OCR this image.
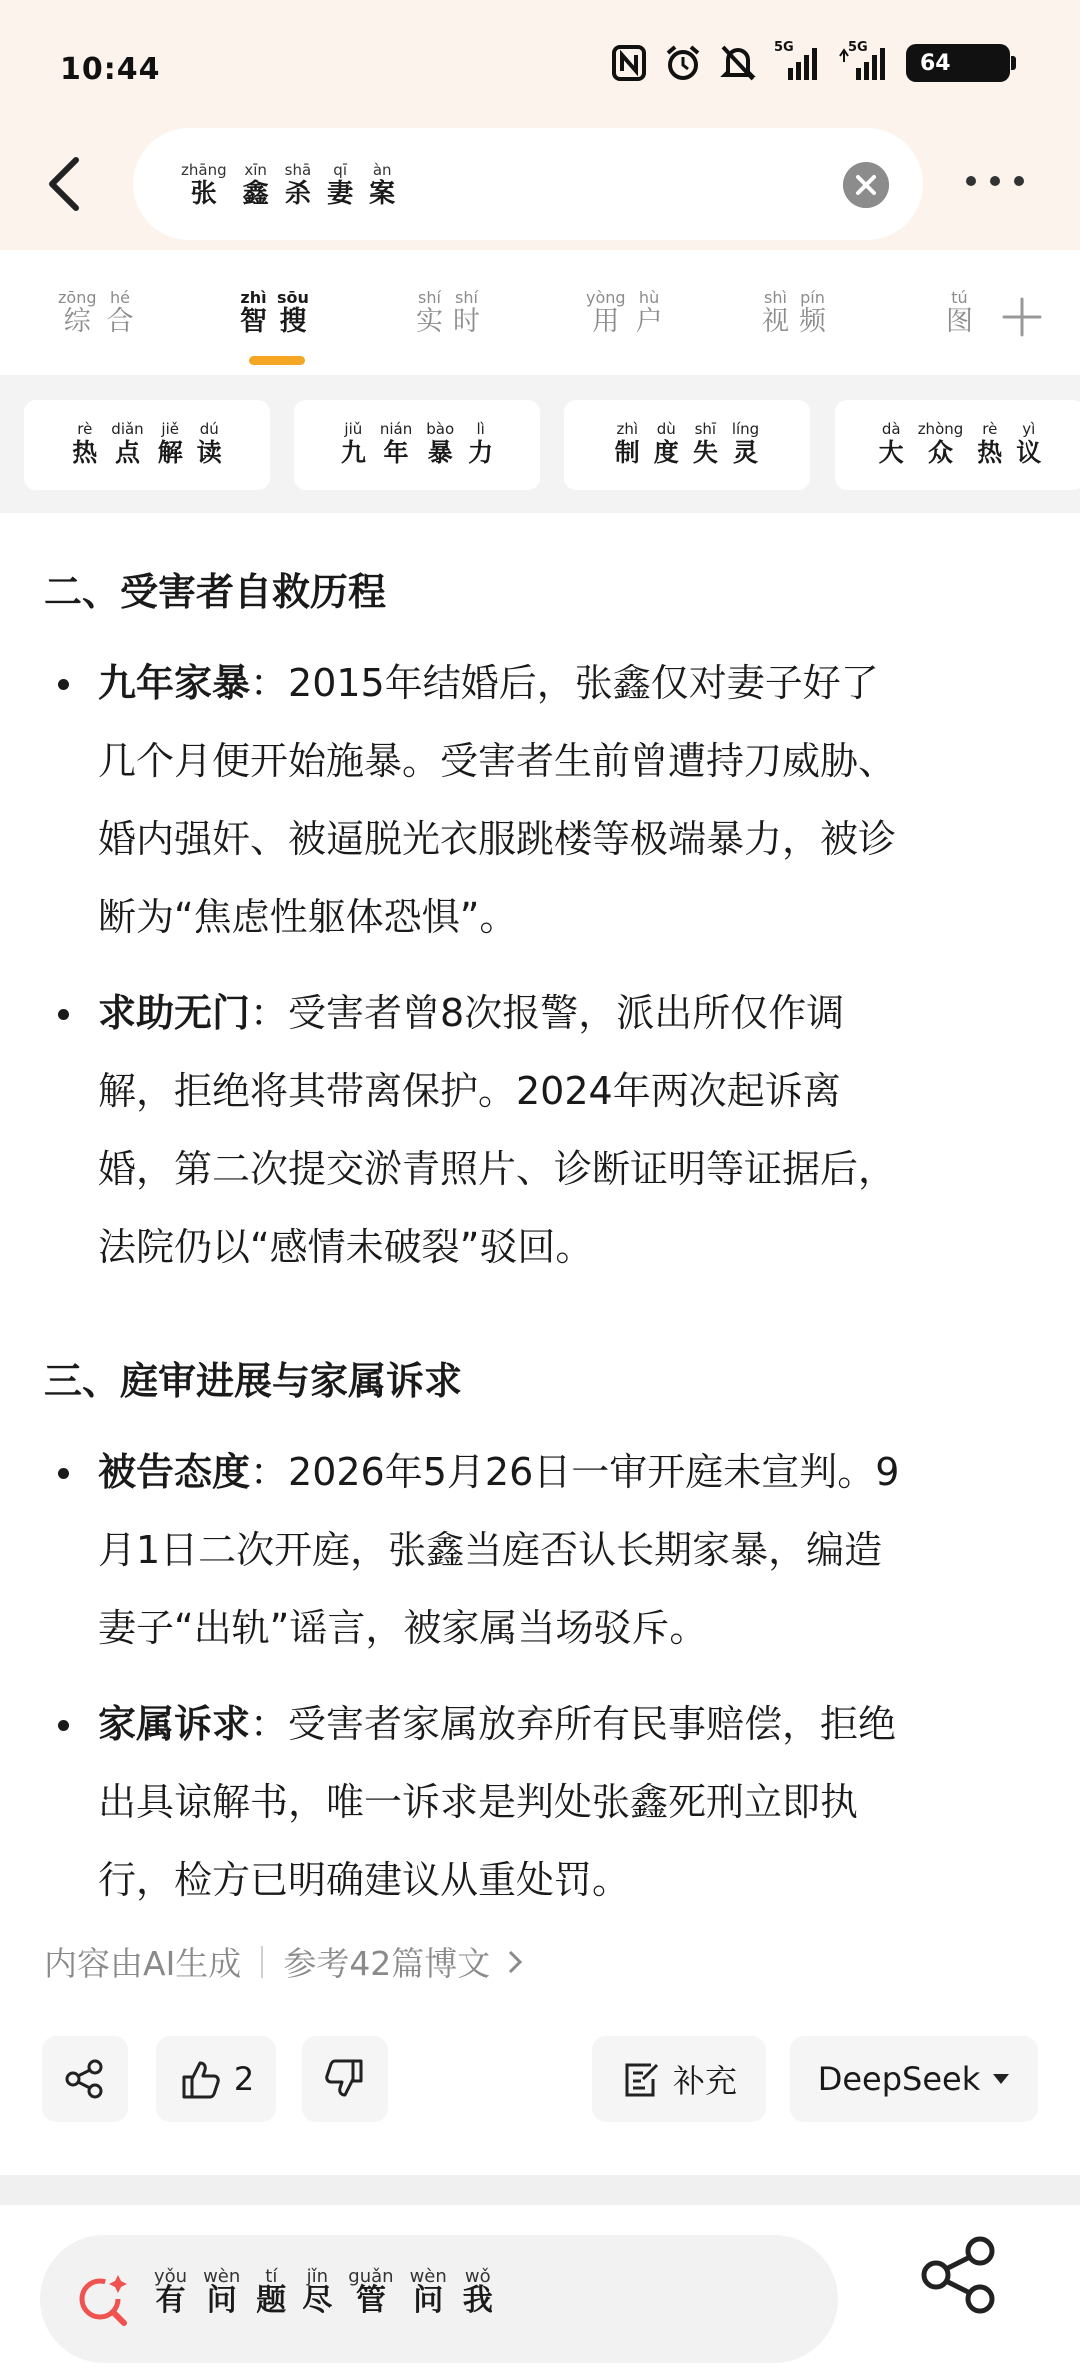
10:44
5G	5G
64
zhāng
张
xīn
鑫
shā
杀
qī
妻
àn
案
zōng
综
hé
合
zhì
智
sōu
搜
shí
实
shí
时
yòng
用
hù
户
shì
视
pín
频
tú
图
rè
热
diǎn
点
jiě
解
dú
读
jiǔ
九
nián
年
bào
暴
lì
力
zhì
制
dù
度
shī
失
líng
灵
dà
大
zhòng
众
rè
热
yì
议
二、受害者自救历程
九年家暴：2015年结婚后，张鑫仅对妻子好了
几个月便开始施暴。受害者生前曾遭持刀威胁、
婚内强奸、被逼脱光衣服跳楼等极端暴力，被诊
断为“焦虑性躯体恐惧”。
求助无门：受害者曾8次报警，派出所仅作调
解，拒绝将其带离保护。2024年两次起诉离
婚，第二次提交淤青照片、诊断证明等证据后，
法院仍以“感情未破裂”驳回。
三、庭审进展与家属诉求
被告态度：2026年5月26日一审开庭未宣判。9
月1日二次开庭，张鑫当庭否认长期家暴，编造
妻子“出轨”谣言，被家属当场驳斥。
家属诉求：受害者家属放弃所有民事赔偿，拒绝
出具谅解书，唯一诉求是判处张鑫死刑立即执
行，检方已明确建议从重处罚。
内容由AI生成 参考42篇博文
2	补充	DeepSeek
yǒu
有
wèn
问
tí
题
jǐn
尽
guǎn
管
wèn
问
wǒ
我
